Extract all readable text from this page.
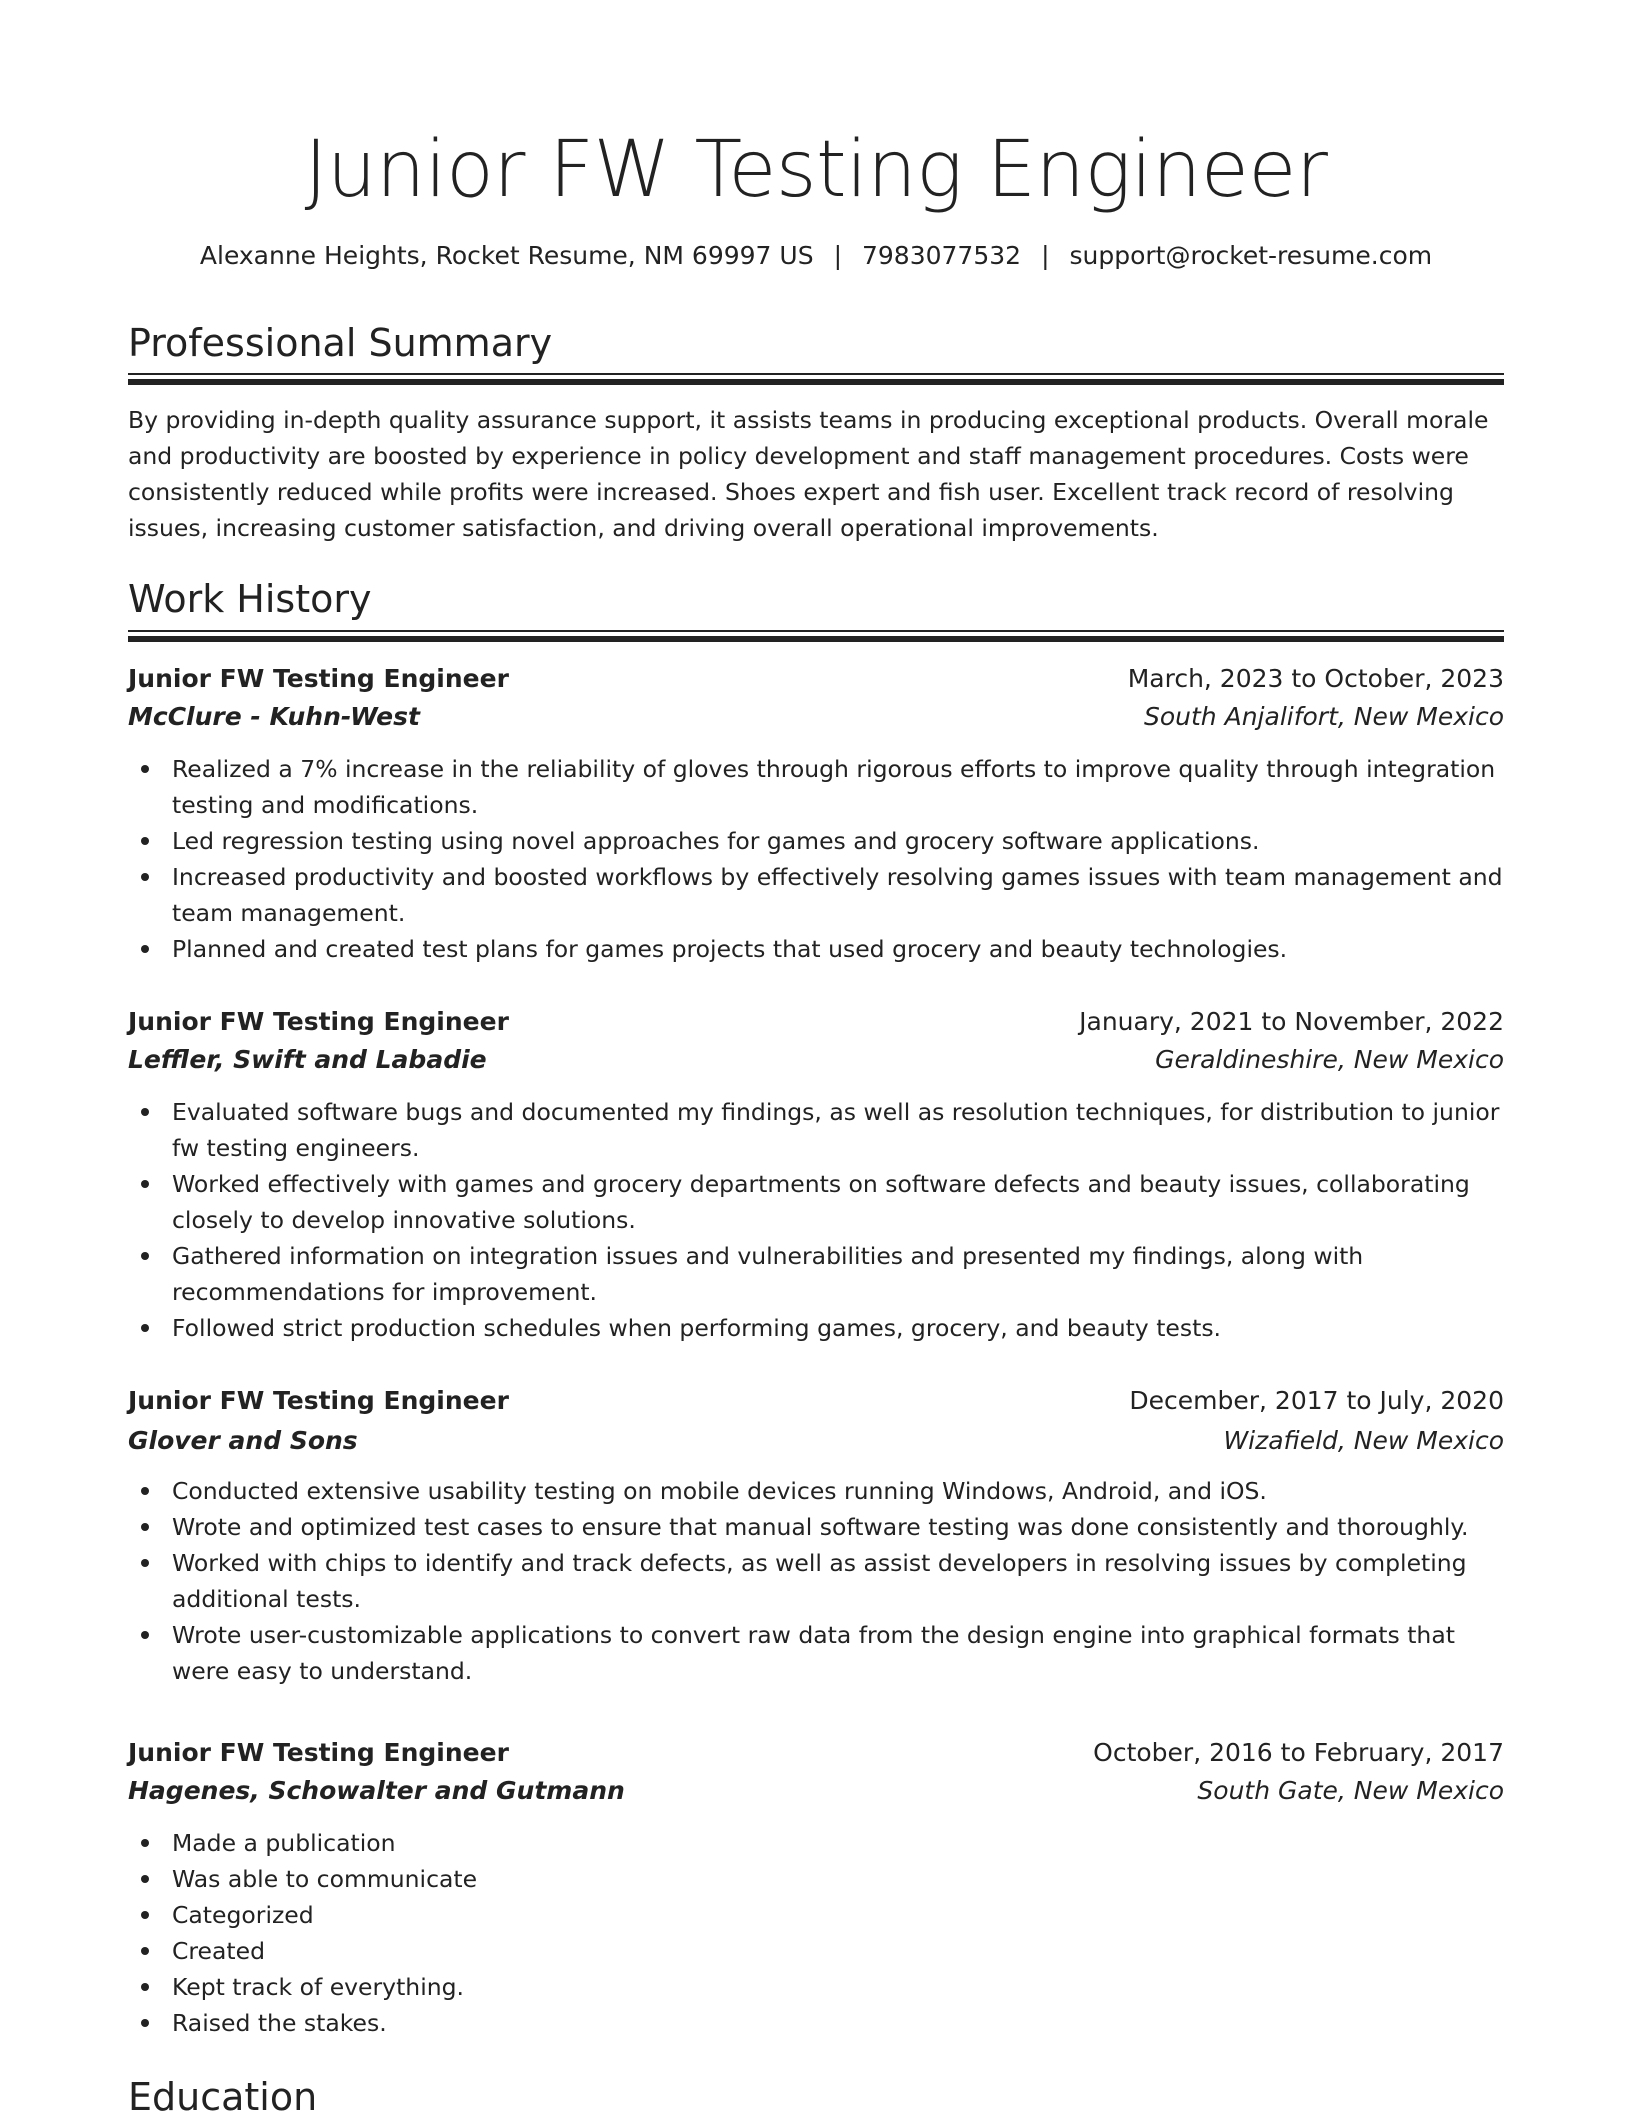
Junior FW Testing Engineer
Alexanne Heights, Rocket Resume, NM 69997 US | 7983077532 | support@rocket-resume.com
Professional Summary

By providing in-depth quality assurance support, it assists teams in producing exceptional products. Overall morale and productivity are boosted by experience in policy development and staff management procedures. Costs were consistently reduced while profits were increased. Shoes expert and fish user. Excellent track record of resolving issues, increasing customer satisfaction, and driving overall operational improvements.

Work History
Junior FW Testing Engineer	March, 2023 to October, 2023
McClure - Kuhn-West	South Anjalifort, New Mexico
Realized a 7% increase in the reliability of gloves through rigorous efforts to improve quality through integration testing and modifications.
Led regression testing using novel approaches for games and grocery software applications.
Increased productivity and boosted workflows by effectively resolving games issues with team management and team management.
Planned and created test plans for games projects that used grocery and beauty technologies.
Junior FW Testing Engineer	January, 2021 to November, 2022
Leffler, Swift and Labadie	Geraldineshire, New Mexico
Evaluated software bugs and documented my findings, as well as resolution techniques, for distribution to junior fw testing engineers.
Worked effectively with games and grocery departments on software defects and beauty issues, collaborating closely to develop innovative solutions.
Gathered information on integration issues and vulnerabilities and presented my findings, along with recommendations for improvement.
Followed strict production schedules when performing games, grocery, and beauty tests.
Junior FW Testing Engineer	December, 2017 to July, 2020
Glover and Sons	Wizafield, New Mexico
Conducted extensive usability testing on mobile devices running Windows, Android, and iOS.
Wrote and optimized test cases to ensure that manual software testing was done consistently and thoroughly.
Worked with chips to identify and track defects, as well as assist developers in resolving issues by completing additional tests.
Wrote user-customizable applications to convert raw data from the design engine into graphical formats that were easy to understand.
Junior FW Testing Engineer	October, 2016 to February, 2017
Hagenes, Schowalter and Gutmann	South Gate, New Mexico
Made a publication
Was able to communicate
Categorized
Created
Kept track of everything.
Raised the stakes.
Education
